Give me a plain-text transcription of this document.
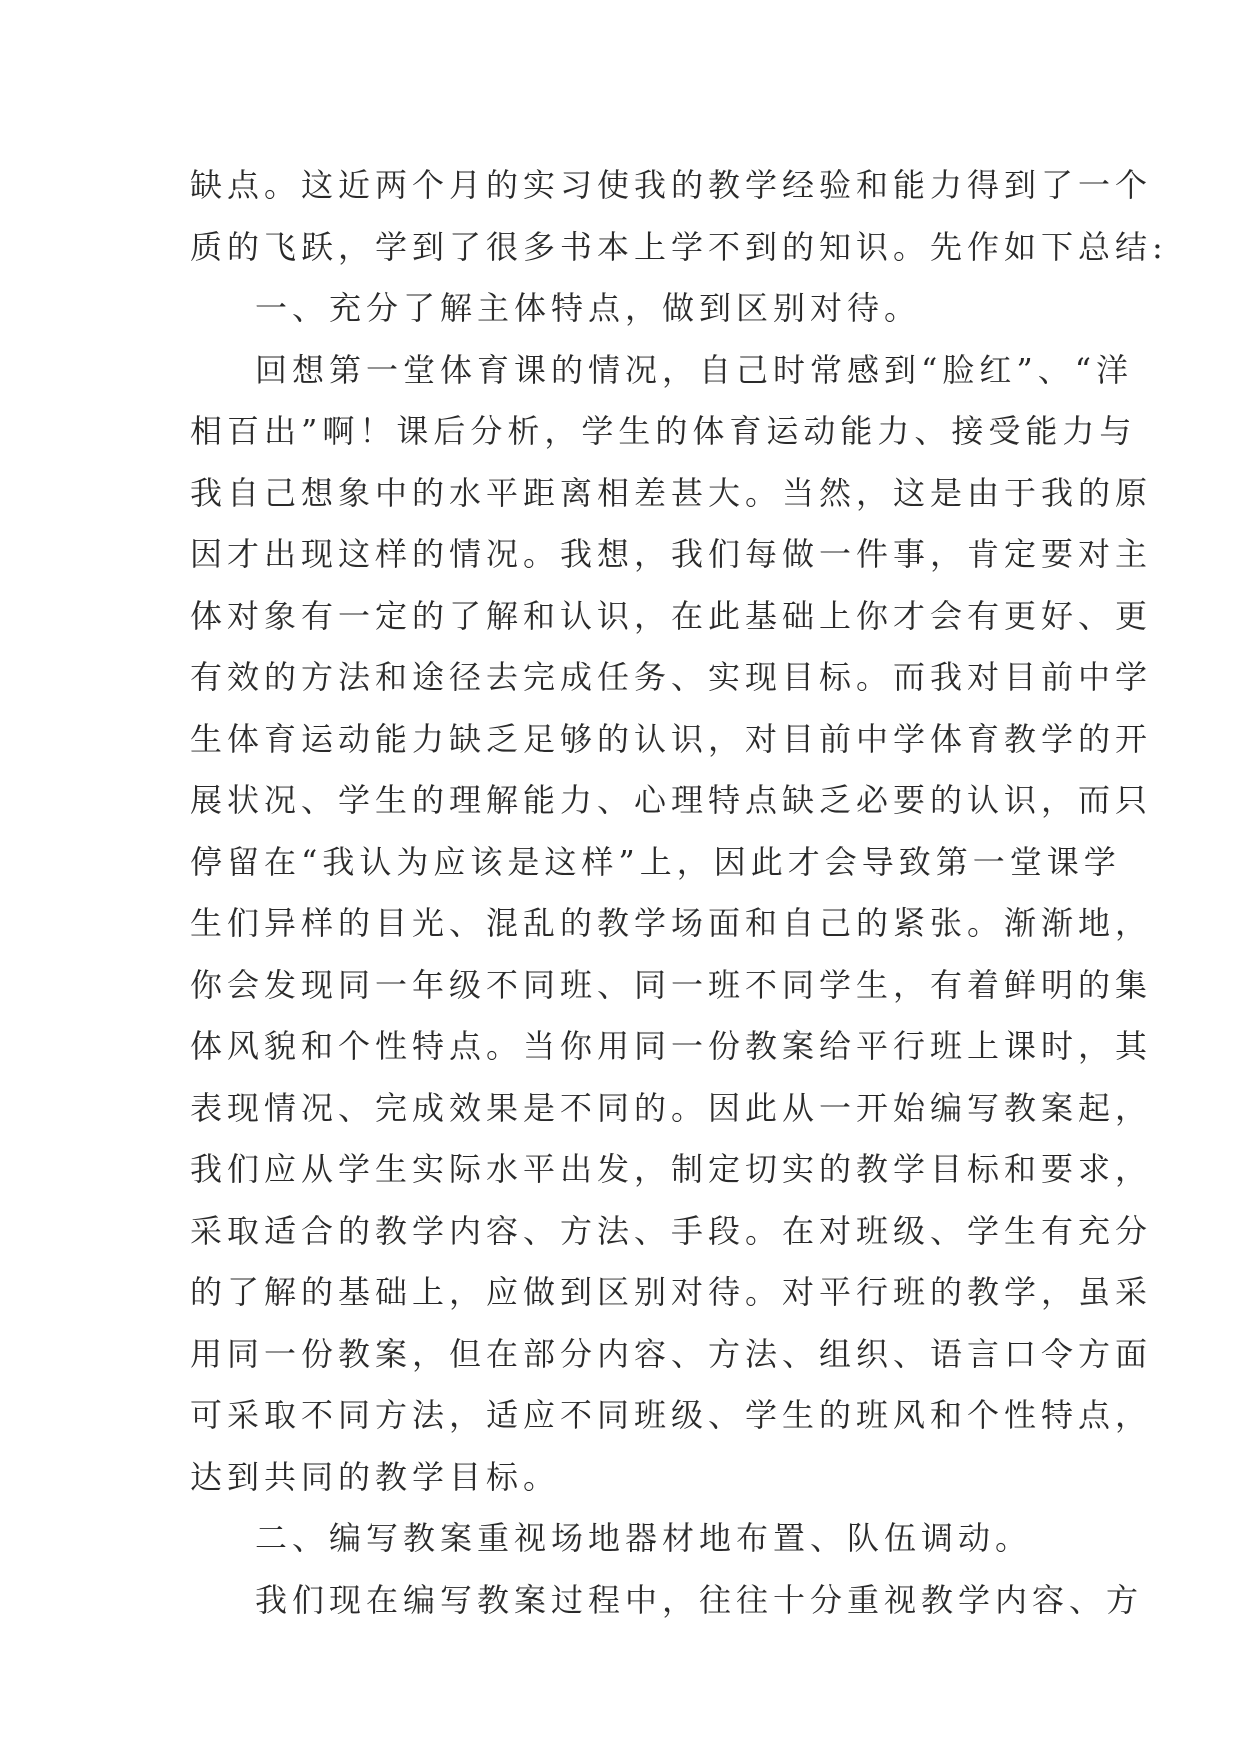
缺点。这近两个月的实习使我的教学经验和能力得到了一个
质的飞跃，学到了很多书本上学不到的知识。先作如下总结:
一、充分了解主体特点，做到区别对待。
回想第一堂体育课的情况，自己时常感到“脸红”、“洋
相百出”啊！课后分析，学生的体育运动能力、接受能力与
我自己想象中的水平距离相差甚大。当然，这是由于我的原
因才出现这样的情况。我想，我们每做一件事，肯定要对主
体对象有一定的了解和认识，在此基础上你才会有更好、更
有效的方法和途径去完成任务、实现目标。而我对目前中学
生体育运动能力缺乏足够的认识，对目前中学体育教学的开
展状况、学生的理解能力、心理特点缺乏必要的认识，而只
停留在“我认为应该是这样”上，因此才会导致第一堂课学
生们异样的目光、混乱的教学场面和自己的紧张。渐渐地，
你会发现同一年级不同班、同一班不同学生，有着鲜明的集
体风貌和个性特点。当你用同一份教案给平行班上课时，其
表现情况、完成效果是不同的。因此从一开始编写教案起，
我们应从学生实际水平出发，制定切实的教学目标和要求，
采取适合的教学内容、方法、手段。在对班级、学生有充分
的了解的基础上，应做到区别对待。对平行班的教学，虽采
用同一份教案，但在部分内容、方法、组织、语言口令方面
可采取不同方法，适应不同班级、学生的班风和个性特点，
达到共同的教学目标。
二、编写教案重视场地器材地布置、队伍调动。
我们现在编写教案过程中，往往十分重视教学内容、方
